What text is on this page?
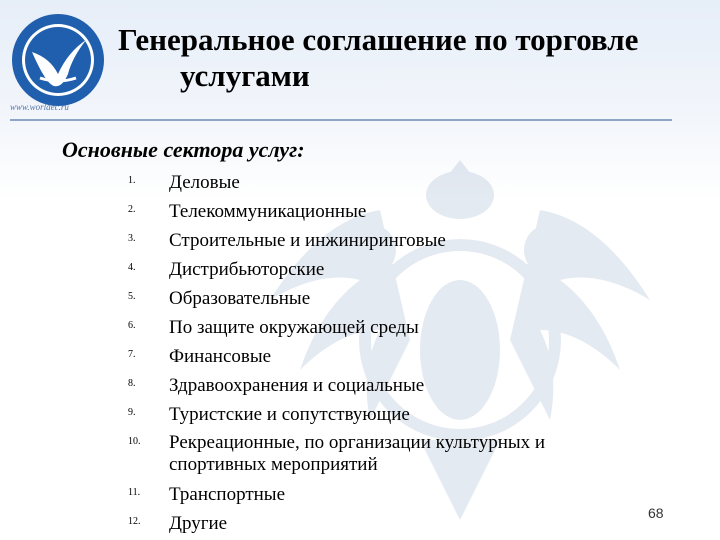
www.worldec.ru
Генеральное соглашение по торговле
услугами
Основные сектора услуг:
1.	Деловые
2.	Телекоммуникационные
3.	Строительные и инжиниринговые
4.	Дистрибьюторские
5.	Образовательные
6.	По защите окружающей среды
7.	Финансовые
8.	Здравоохранения и социальные
9.	Туристские и сопутствующие
10.	Рекреационные, по организации культурных и спортивных мероприятий
11.	Транспортные
12.	Другие	68
